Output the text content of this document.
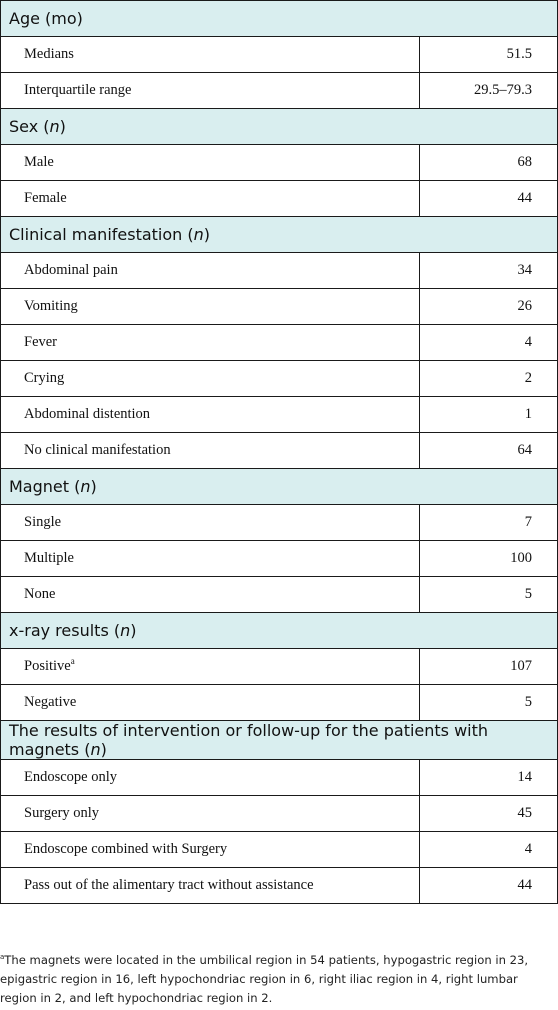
Age (mo)	
Medians	51.5
Interquartile range	29.5–79.3
Sex (n)	
Male	68
Female	44
Clinical manifestation (n)	
Abdominal pain	34
Vomiting	26
Fever	4
Crying	2
Abdominal distention	1
No clinical manifestation	64
Magnet (n)	
Single	7
Multiple	100
None	5
x-ray results (n)	
Positive$^a$	107
Negative	5
The results of intervention or follow-up for the patients with magnets (n)	
Endoscope only	14
Surgery only	45
Endoscope combined with Surgery	4
Pass out of the alimentary tract without assistance	44
$^a$The magnets were located in the umbilical region in 54 patients, hypogastric region in 23, epigastric region in 16, left hypochondriac region in 6, right iliac region in 4, right lumbar region in 2, and left hypochondriac region in 2.
